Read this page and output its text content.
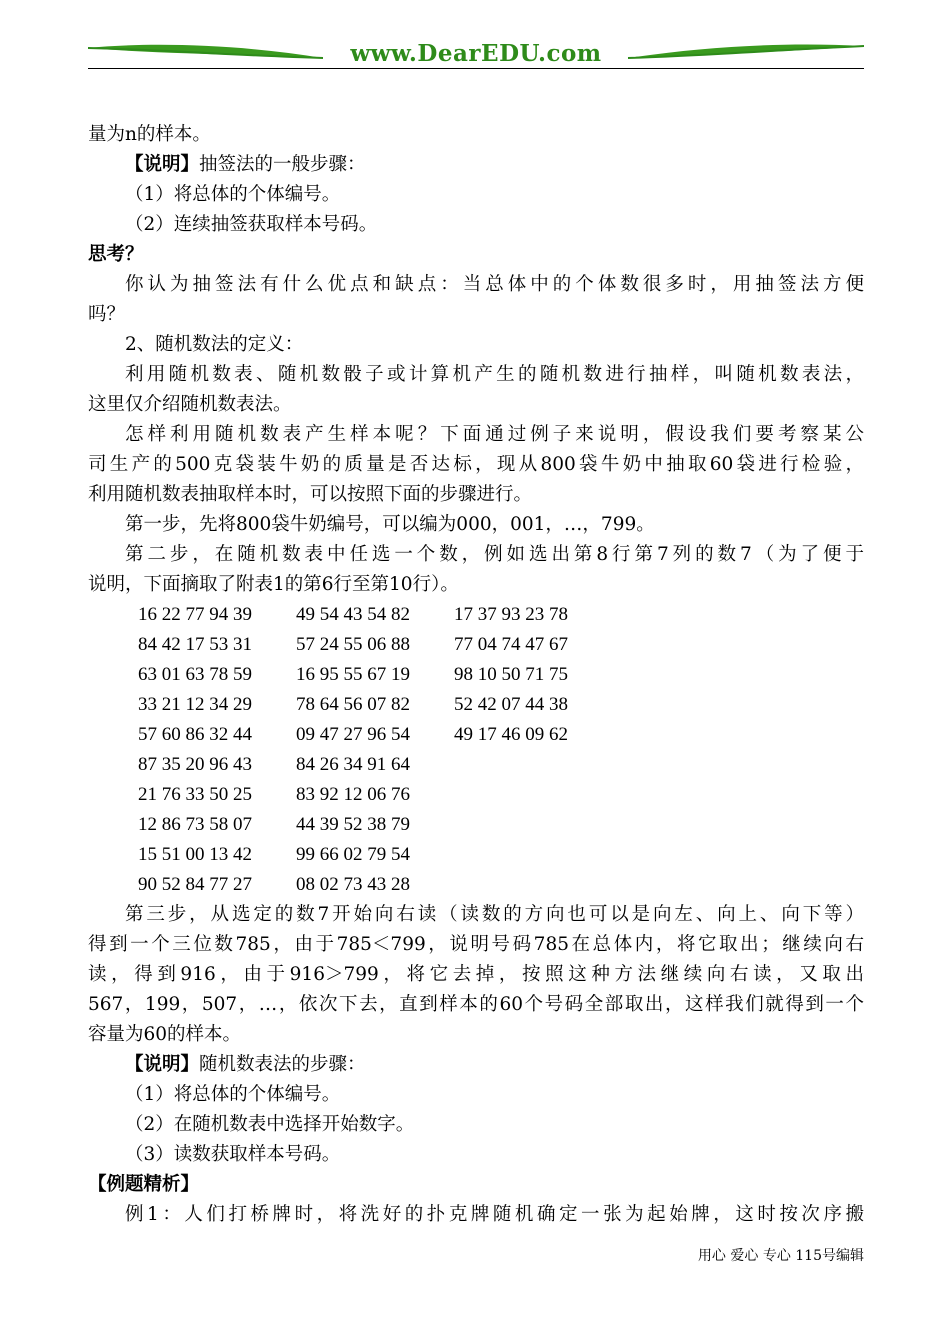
www.DearEDU.com

量为n的样本。

【说明】抽签法的一般步骤：

（1）将总体的个体编号。

（2）连续抽签获取样本号码。

思考？

你认为抽签法有什么优点和缺点：当总体中的个体数很多时，用抽签法方便

吗？

2、随机数法的定义：

利用随机数表、随机数骰子或计算机产生的随机数进行抽样，叫随机数表法，

这里仅介绍随机数表法。

怎样利用随机数表产生样本呢？下面通过例子来说明，假设我们要考察某公

司生产的500克袋装牛奶的质量是否达标，现从800袋牛奶中抽取60袋进行检验，

利用随机数表抽取样本时，可以按照下面的步骤进行。

第一步，先将800袋牛奶编号，可以编为000，001，…，799。

第二步，在随机数表中任选一个数，例如选出第8行第7列的数7（为了便于

说明，下面摘取了附表1的第6行至第10行）。

16 22 77 94 39	49 54 43 54 82	17 37 93 23 78
84 42 17 53 31	57 24 55 06 88	77 04 74 47 67
63 01 63 78 59	16 95 55 67 19	98 10 50 71 75
33 21 12 34 29	78 64 56 07 82	52 42 07 44 38
57 60 86 32 44	09 47 27 96 54	49 17 46 09 62
87 35 20 96 43	84 26 34 91 64	
21 76 33 50 25	83 92 12 06 76	
12 86 73 58 07	44 39 52 38 79	
15 51 00 13 42	99 66 02 79 54	
90 52 84 77 27	08 02 73 43 28	

第三步，从选定的数7开始向右读（读数的方向也可以是向左、向上、向下等）

得到一个三位数785，由于785＜799，说明号码785在总体内，将它取出；继续向右

读，得到916，由于916＞799，将它去掉，按照这种方法继续向右读，又取出

567，199，507，…，依次下去，直到样本的60个号码全部取出，这样我们就得到一个

容量为60的样本。

【说明】随机数表法的步骤：

（1）将总体的个体编号。

（2）在随机数表中选择开始数字。

（3）读数获取样本号码。

【例题精析】

例1：人们打桥牌时，将洗好的扑克牌随机确定一张为起始牌，这时按次序搬

用心 爱心 专心 115号编辑
